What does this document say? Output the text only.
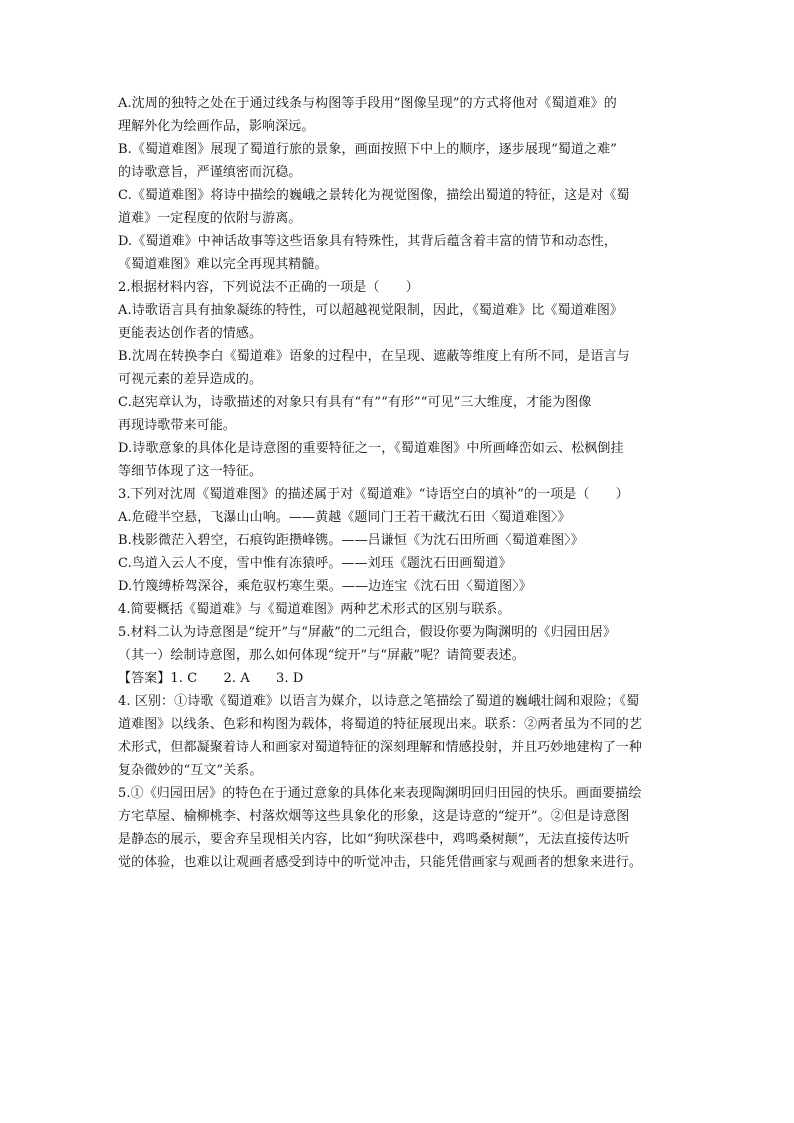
A.沈周的独特之处在于通过线条与构图等手段用“图像呈现”的方式将他对《蜀道难》的
理解外化为绘画作品，影响深远。
B.《蜀道难图》展现了蜀道行旅的景象，画面按照下中上的顺序，逐步展现“蜀道之难”
的诗歌意旨，严谨缜密而沉稳。
C.《蜀道难图》将诗中描绘的巍峨之景转化为视觉图像，描绘出蜀道的特征，这是对《蜀
道难》一定程度的依附与游离。
D.《蜀道难》中神话故事等这些语象具有特殊性，其背后蕴含着丰富的情节和动态性，
《蜀道难图》难以完全再现其精髓。
2.根据材料内容，下列说法不正确的一项是（　　）
A.诗歌语言具有抽象凝练的特性，可以超越视觉限制，因此，《蜀道难》比《蜀道难图》
更能表达创作者的情感。
B.沈周在转换李白《蜀道难》语象的过程中，在呈现、遮蔽等维度上有所不同，是语言与
可视元素的差异造成的。
C.赵宪章认为，诗歌描述的对象只有具有“有”“有形”“可见”三大维度，才能为图像
再现诗歌带来可能。
D.诗歌意象的具体化是诗意图的重要特征之一，《蜀道难图》中所画峰峦如云、松枫倒挂
等细节体现了这一特征。
3.下列对沈周《蜀道难图》的描述属于对《蜀道难》“诗语空白的填补”的一项是（　　）
A.危磴半空悬，飞瀑山山响。——黄越《题同门王若干藏沈石田〈蜀道难图〉》
B.栈影微茫入碧空，石痕钩距攒峰镌。——吕谦恒《为沈石田所画〈蜀道难图〉》
C.鸟道入云人不度，雪中惟有冻猿呼。——刘珏《题沈石田画蜀道》
D.竹篾缚桥驾深谷，乘危驭朽寒生栗。——边连宝《沈石田〈蜀道图〉》
4.简要概括《蜀道难》与《蜀道难图》两种艺术形式的区别与联系。
5.材料二认为诗意图是“绽开”与“屏蔽”的二元组合，假设你要为陶渊明的《归园田居》
（其一）绘制诗意图，那么如何体现“绽开”与“屏蔽”呢？请简要表述。
【答案】1. C　　2. A　　3. D
4. 区别：①诗歌《蜀道难》以语言为媒介，以诗意之笔描绘了蜀道的巍峨壮阔和艰险；《蜀
道难图》以线条、色彩和构图为载体，将蜀道的特征展现出来。联系：②两者虽为不同的艺
术形式，但都凝聚着诗人和画家对蜀道特征的深刻理解和情感投射，并且巧妙地建构了一种
复杂微妙的“互文”关系。
5.①《归园田居》的特色在于通过意象的具体化来表现陶渊明回归田园的快乐。画面要描绘
方宅草屋、榆柳桃李、村落炊烟等这些具象化的形象，这是诗意的“绽开”。②但是诗意图
是静态的展示，要舍弃呈现相关内容，比如“狗吠深巷中，鸡鸣桑树颠”，无法直接传达听
觉的体验，也难以让观画者感受到诗中的听觉冲击，只能凭借画家与观画者的想象来进行。
